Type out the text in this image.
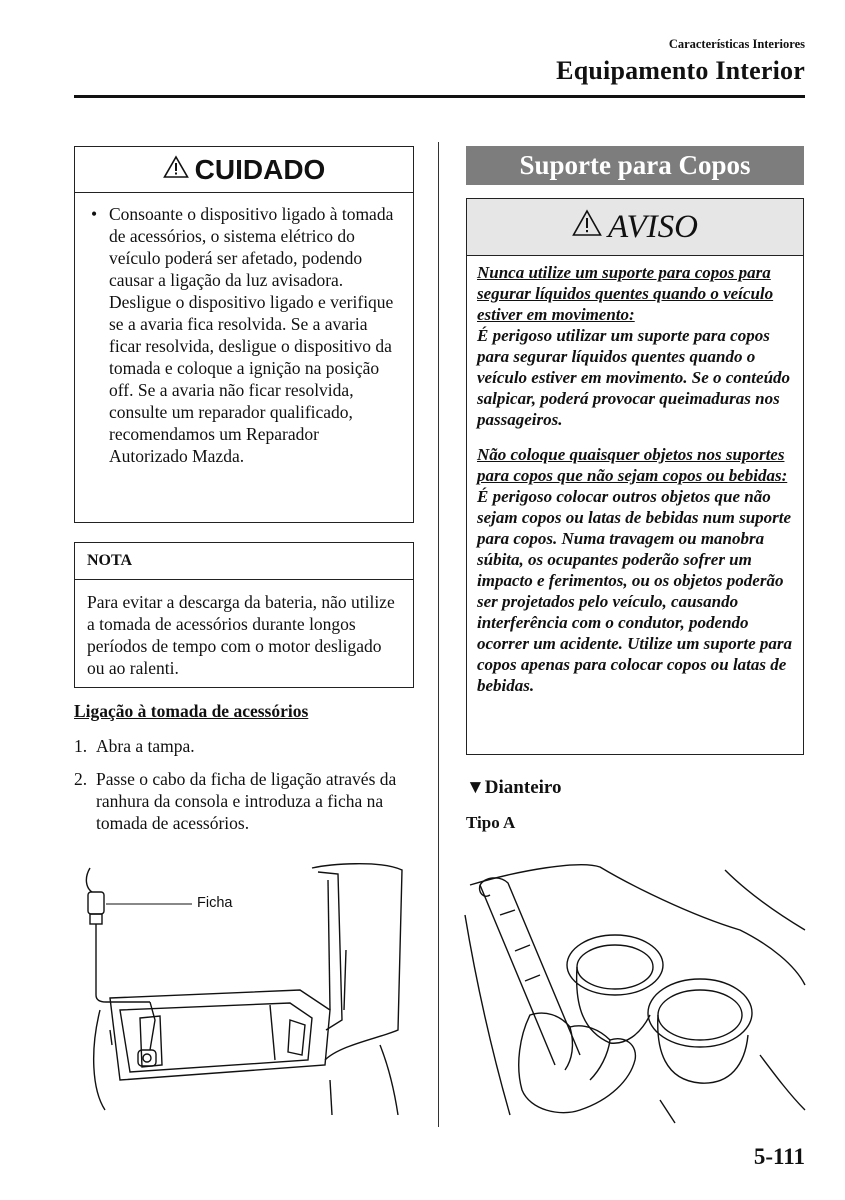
Características Interiores
Equipamento Interior
CUIDADO
• Consoante o dispositivo ligado à tomada de acessórios, o sistema elétrico do veículo poderá ser afetado, podendo causar a ligação da luz avisadora. Desligue o dispositivo ligado e verifique se a avaria fica resolvida. Se a avaria ficar resolvida, desligue o dispositivo da tomada e coloque a ignição na posição off. Se a avaria não ficar resolvida, consulte um reparador qualificado, recomendamos um Reparador Autorizado Mazda.
NOTA
Para evitar a descarga da bateria, não utilize a tomada de acessórios durante longos períodos de tempo com o motor desligado ou ao ralenti.
Ligação à tomada de acessórios
1. Abra a tampa.
2. Passe o cabo da ficha de ligação através da ranhura da consola e introduza a ficha na tomada de acessórios.
Ficha
Suporte para Copos
AVISO

Nunca utilize um suporte para copos para segurar líquidos quentes quando o veículo estiver em movimento:
É perigoso utilizar um suporte para copos para segurar líquidos quentes quando o veículo estiver em movimento. Se o conteúdo salpicar, poderá provocar queimaduras nos passageiros.

Não coloque quaisquer objetos nos suportes para copos que não sejam copos ou bebidas:
É perigoso colocar outros objetos que não sejam copos ou latas de bebidas num suporte para copos. Numa travagem ou manobra súbita, os ocupantes poderão sofrer um impacto e ferimentos, ou os objetos poderão ser projetados pelo veículo, causando interferência com o condutor, podendo ocorrer um acidente. Utilize um suporte para copos apenas para colocar copos ou latas de bebidas.

▼Dianteiro
Tipo A
5-111
